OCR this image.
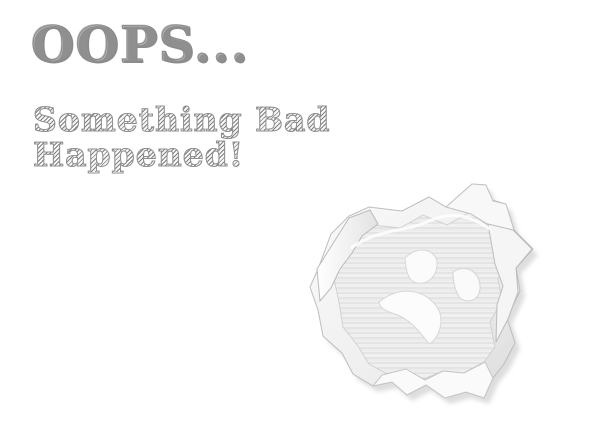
OOPS...
Something Bad
Happened!
